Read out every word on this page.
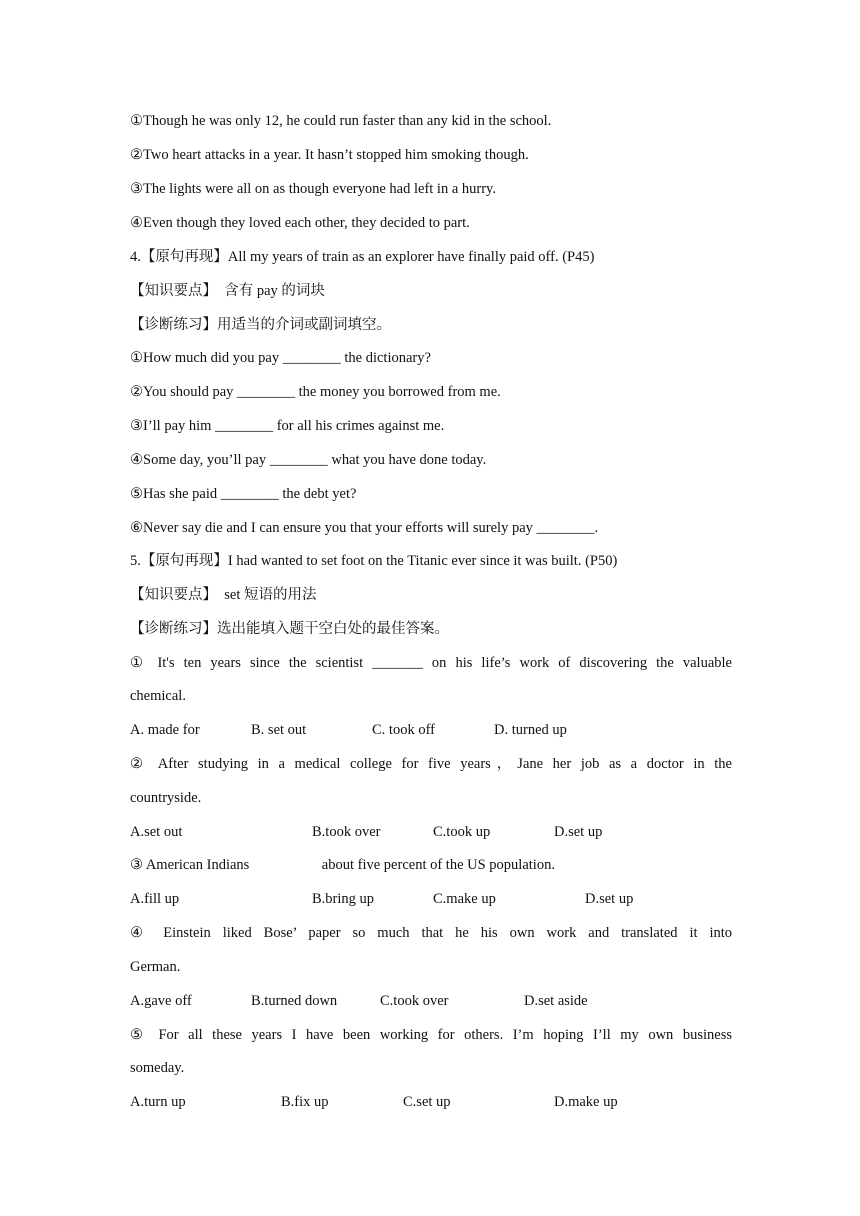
①Though he was only 12, he could run faster than any kid in the school.
②Two heart attacks in a year. It hasn’t stopped him smoking though.
③The lights were all on as though everyone had left in a hurry.
④Even though they loved each other, they decided to part.
4.【原句再现】All my years of train as an explorer have finally paid off. (P45)
【知识要点】  含有 pay 的词块
【诊断练习】用适当的介词或副词填空。
①How much did you pay ________ the dictionary?
②You should pay ________ the money you borrowed from me.
③I’ll pay him ________ for all his crimes against me.
④Some day, you’ll pay ________ what you have done today.
⑤Has she paid ________ the debt yet?
⑥Never say die and I can ensure you that your efforts will surely pay ________.
5.【原句再现】I had wanted to set foot on the Titanic ever since it was built. (P50)
【知识要点】  set 短语的用法
【诊断练习】选出能填入题干空白处的最佳答案。
① It's ten years since the scientist _______ on his life’s work of discovering the valuable
chemical.
A. made for	B. set out	C. took off	D. turned up
② After studying in a medical college for five years，Jane her job as a doctor in the
countryside.
A.set out	B.took over	C.took up	D.set up
③ American Indians                    about five percent of the US population.
A.fill up	B.bring up	C.make up	D.set up
④ Einstein liked Bose’ paper so much that he his own work and translated it into
German.
A.gave off	B.turned down	C.took over	D.set aside
⑤ For all these years I have been working for others. I’m hoping I’ll my own business
someday.
A.turn up	B.fix up	C.set up	D.make up
